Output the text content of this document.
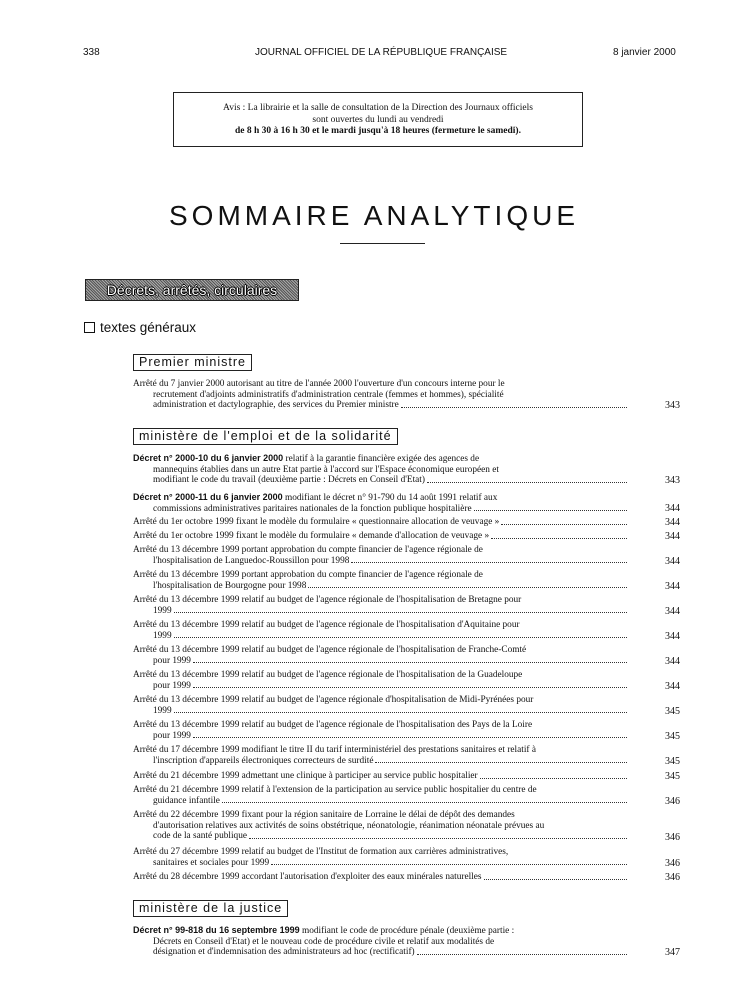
338	JOURNAL OFFICIEL DE LA RÉPUBLIQUE FRANÇAISE	8 janvier 2000
Avis : La librairie et la salle de consultation de la Direction des Journaux officiels
sont ouvertes du lundi au vendredi
de 8 h 30 à 16 h 30 et le mardi jusqu'à 18 heures (fermeture le samedi).
SOMMAIRE ANALYTIQUE
Décrets, arrêtés, circulaires
textes généraux
Premier ministre
ministère de l'emploi et de la solidarité
ministère de la justice
Arrêté du 7 janvier 2000 autorisant au titre de l'année 2000 l'ouverture d'un concours interne pour le
recrutement d'adjoints administratifs d'administration centrale (femmes et hommes), spécialité
administration et dactylographie, des services du Premier ministre	343
Décret n° 2000-10 du 6 janvier 2000 relatif à la garantie financière exigée des agences de
mannequins établies dans un autre Etat partie à l'accord sur l'Espace économique européen et
modifiant le code du travail (deuxième partie : Décrets en Conseil d'Etat)	343
Décret n° 2000-11 du 6 janvier 2000 modifiant le décret n° 91-790 du 14 août 1991 relatif aux
commissions administratives paritaires nationales de la fonction publique hospitalière	344
Arrêté du 1er octobre 1999 fixant le modèle du formulaire « questionnaire allocation de veuvage »	344
Arrêté du 1er octobre 1999 fixant le modèle du formulaire « demande d'allocation de veuvage »	344
Arrêté du 13 décembre 1999 portant approbation du compte financier de l'agence régionale de
l'hospitalisation de Languedoc-Roussillon pour 1998	344
Arrêté du 13 décembre 1999 portant approbation du compte financier de l'agence régionale de
l'hospitalisation de Bourgogne pour 1998	344
Arrêté du 13 décembre 1999 relatif au budget de l'agence régionale de l'hospitalisation de Bretagne pour
1999	344
Arrêté du 13 décembre 1999 relatif au budget de l'agence régionale de l'hospitalisation d'Aquitaine pour
1999	344
Arrêté du 13 décembre 1999 relatif au budget de l'agence régionale de l'hospitalisation de Franche-Comté
pour 1999	344
Arrêté du 13 décembre 1999 relatif au budget de l'agence régionale de l'hospitalisation de la Guadeloupe
pour 1999	344
Arrêté du 13 décembre 1999 relatif au budget de l'agence régionale d'hospitalisation de Midi-Pyrénées pour
1999	345
Arrêté du 13 décembre 1999 relatif au budget de l'agence régionale de l'hospitalisation des Pays de la Loire
pour 1999	345
Arrêté du 17 décembre 1999 modifiant le titre II du tarif interministériel des prestations sanitaires et relatif à
l'inscription d'appareils électroniques correcteurs de surdité	345
Arrêté du 21 décembre 1999 admettant une clinique à participer au service public hospitalier	345
Arrêté du 21 décembre 1999 relatif à l'extension de la participation au service public hospitalier du centre de
guidance infantile	346
Arrêté du 22 décembre 1999 fixant pour la région sanitaire de Lorraine le délai de dépôt des demandes
d'autorisation relatives aux activités de soins obstétrique, néonatologie, réanimation néonatale prévues au
code de la santé publique	346
Arrêté du 27 décembre 1999 relatif au budget de l'Institut de formation aux carrières administratives,
sanitaires et sociales pour 1999	346
Arrêté du 28 décembre 1999 accordant l'autorisation d'exploiter des eaux minérales naturelles	346
Décret n° 99-818 du 16 septembre 1999 modifiant le code de procédure pénale (deuxième partie :
Décrets en Conseil d'Etat) et le nouveau code de procédure civile et relatif aux modalités de
désignation et d'indemnisation des administrateurs ad hoc (rectificatif)	347
